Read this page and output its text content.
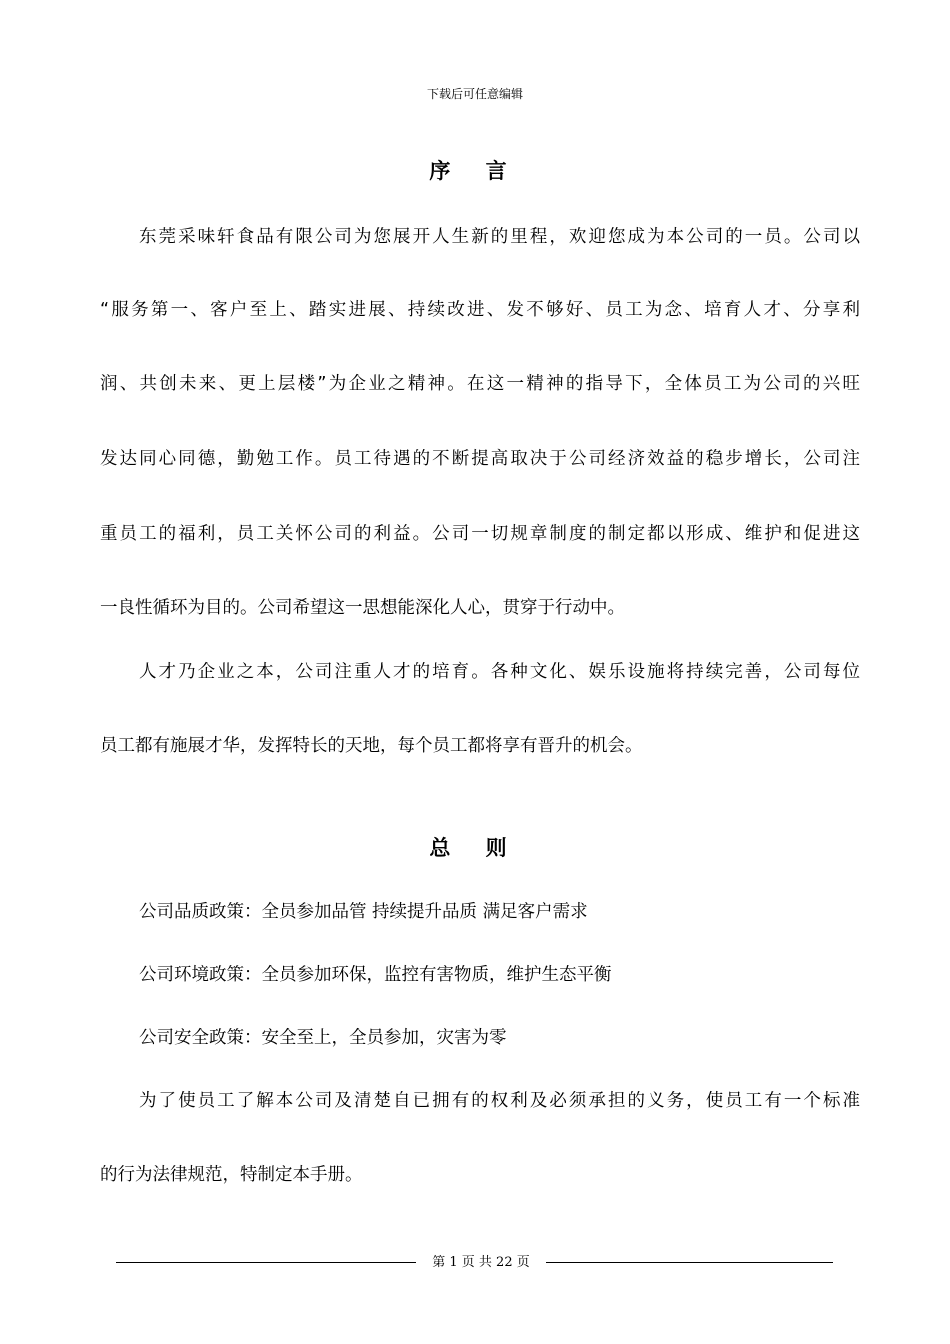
下载后可任意编辑
序 言
东莞采味轩食品有限公司为您展开人生新的里程，欢迎您成为本公司的一员。公司以
“服务第一、客户至上、踏实进展、持续改进、发不够好、员工为念、培育人才、分享利
润、共创未来、更上层楼”为企业之精神。在这一精神的指导下，全体员工为公司的兴旺
发达同心同德，勤勉工作。员工待遇的不断提高取决于公司经济效益的稳步增长，公司注
重员工的福利，员工关怀公司的利益。公司一切规章制度的制定都以形成、维护和促进这
一良性循环为目的。公司希望这一思想能深化人心，贯穿于行动中。
人才乃企业之本，公司注重人才的培育。各种文化、娱乐设施将持续完善，公司每位
员工都有施展才华，发挥特长的天地，每个员工都将享有晋升的机会。
总 则
公司品质政策：全员参加品管 持续提升品质 满足客户需求
公司环境政策：全员参加环保，监控有害物质，维护生态平衡
公司安全政策：安全至上，全员参加，灾害为零
为了使员工了解本公司及清楚自已拥有的权利及必须承担的义务，使员工有一个标准
的行为法律规范，特制定本手册。
第 1 页 共 22 页
